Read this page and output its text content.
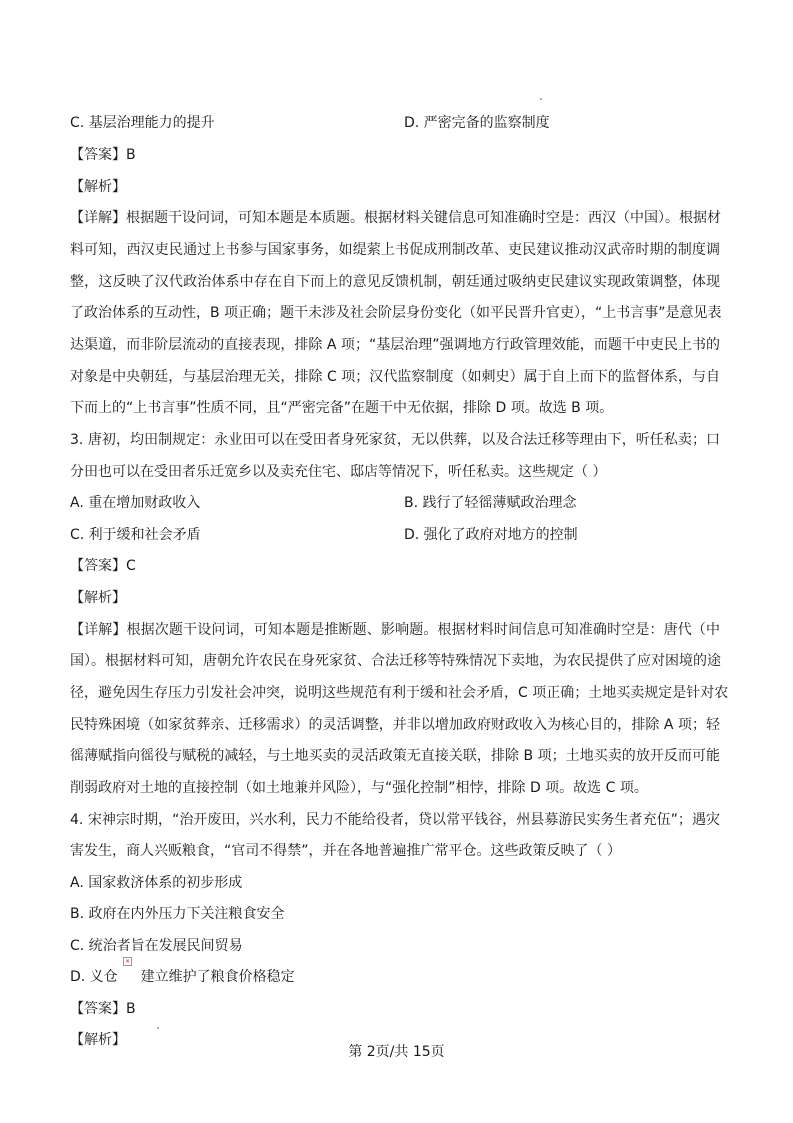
C. 基层治理能力的提升	D. 严密完备的监察制度
【答案】B
【解析】
【详解】根据题干设问词，可知本题是本质题。根据材料关键信息可知准确时空是：西汉（中国）。根据材
料可知，西汉吏民通过上书参与国家事务，如缇萦上书促成刑制改革、吏民建议推动汉武帝时期的制度调
整，这反映了汉代政治体系中存在自下而上的意见反馈机制，朝廷通过吸纳吏民建议实现政策调整，体现
了政治体系的互动性，B 项正确；题干未涉及社会阶层身份变化（如平民晋升官吏），“上书言事”是意见表
达渠道，而非阶层流动的直接表现，排除 A 项；“基层治理”强调地方行政管理效能，而题干中吏民上书的
对象是中央朝廷，与基层治理无关，排除 C 项；汉代监察制度（如刺史）属于自上而下的监督体系，与自
下而上的“上书言事”性质不同，且“严密完备”在题干中无依据，排除 D 项。故选 B 项。
3. 唐初，均田制规定：永业田可以在受田者身死家贫，无以供葬，以及合法迁移等理由下，听任私卖；口
分田也可以在受田者乐迁宽乡以及卖充住宅、邸店等情况下，听任私卖。这些规定（ ）
A. 重在增加财政收入	B. 践行了轻徭薄赋政治理念
C. 利于缓和社会矛盾	D. 强化了政府对地方的控制
【答案】C
【解析】
【详解】根据次题干设问词，可知本题是推断题、影响题。根据材料时间信息可知准确时空是：唐代（中
国）。根据材料可知，唐朝允许农民在身死家贫、合法迁移等特殊情况下卖地，为农民提供了应对困境的途
径，避免因生存压力引发社会冲突，说明这些规范有利于缓和社会矛盾，C 项正确；土地买卖规定是针对农
民特殊困境（如家贫葬亲、迁移需求）的灵活调整，并非以增加政府财政收入为核心目的，排除 A 项；轻
徭薄赋指向徭役与赋税的减轻，与土地买卖的灵活政策无直接关联，排除 B 项；土地买卖的放开反而可能
削弱政府对土地的直接控制（如土地兼并风险），与“强化控制”相悖，排除 D 项。故选 C 项。
4. 宋神宗时期，“治开废田，兴水利，民力不能给役者，贷以常平钱谷，州县募游民实务生者充伍”；遇灾
害发生，商人兴贩粮食，“官司不得禁”，并在各地普遍推广常平仓。这些政策反映了（ ）
A. 国家救济体系的初步形成
B. 政府在内外压力下关注粮食安全
C. 统治者旨在发展民间贸易
D. 义仓
×
建立维护了粮食价格稳定
【答案】B
【解析】
第 2页/共 15页
